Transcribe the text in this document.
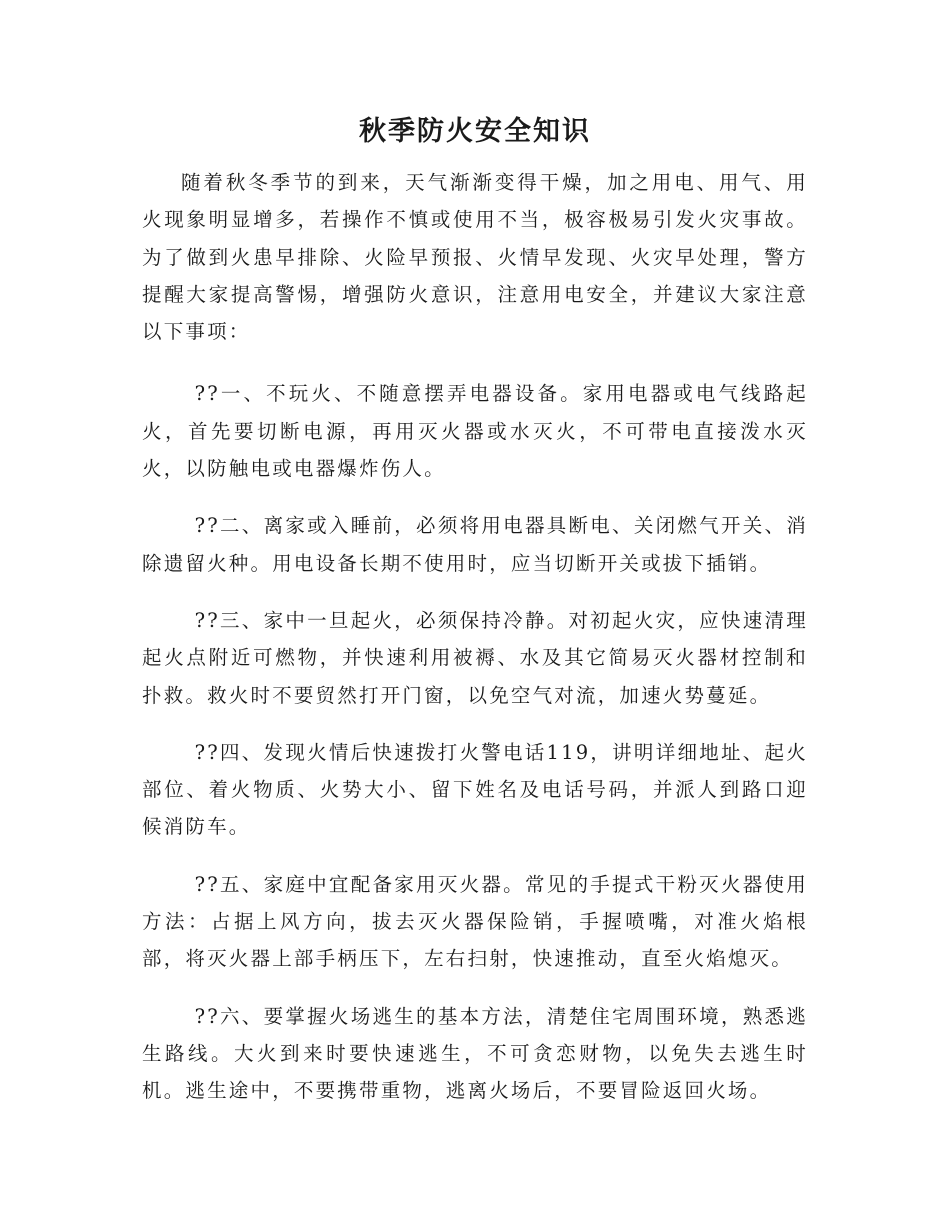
秋季防火安全知识

随着秋冬季节的到来，天气渐渐变得干燥，加之用电、用气、用火现象明显增多，若操作不慎或使用不当，极容极易引发火灾事故。为了做到火患早排除、火险早预报、火情早发现、火灾早处理，警方提醒大家提高警惕，增强防火意识，注意用电安全，并建议大家注意以下事项：

??一、不玩火、不随意摆弄电器设备。家用电器或电气线路起火，首先要切断电源，再用灭火器或水灭火，不可带电直接泼水灭火，以防触电或电器爆炸伤人。

??二、离家或入睡前，必须将用电器具断电、关闭燃气开关、消除遗留火种。用电设备长期不使用时，应当切断开关或拔下插销。

??三、家中一旦起火，必须保持冷静。对初起火灾，应快速清理起火点附近可燃物，并快速利用被褥、水及其它简易灭火器材控制和扑救。救火时不要贸然打开门窗，以免空气对流，加速火势蔓延。

??四、发现火情后快速拨打火警电话119，讲明详细地址、起火部位、着火物质、火势大小、留下姓名及电话号码，并派人到路口迎候消防车。

??五、家庭中宜配备家用灭火器。常见的手提式干粉灭火器使用方法：占据上风方向，拔去灭火器保险销，手握喷嘴，对准火焰根部，将灭火器上部手柄压下，左右扫射，快速推动，直至火焰熄灭。

??六、要掌握火场逃生的基本方法，清楚住宅周围环境，熟悉逃生路线。大火到来时要快速逃生，不可贪恋财物，以免失去逃生时机。逃生途中，不要携带重物，逃离火场后，不要冒险返回火场。
